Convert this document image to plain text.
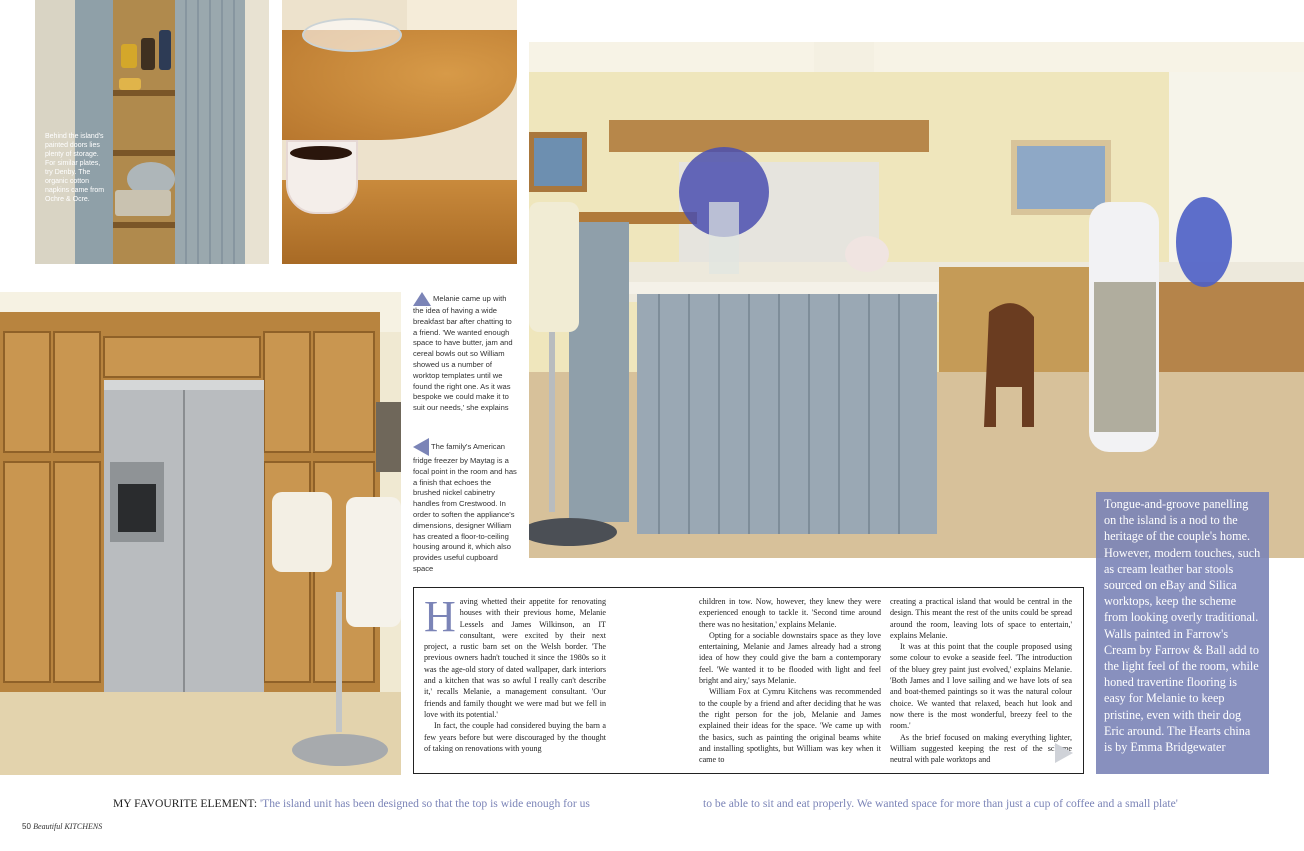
Behind the island's painted doors lies plenty of storage. For similar plates, try Denby. The organic cotton napkins came from Ochre & Ocre.
Melanie came up with the idea of having a wide breakfast bar after chatting to a friend. 'We wanted enough space to have butter, jam and cereal bowls out so William showed us a number of worktop templates until we found the right one. As it was bespoke we could make it to suit our needs,' she explains
The family's American fridge freezer by Maytag is a focal point in the room and has a finish that echoes the brushed nickel cabinetry handles from Crestwood. In order to soften the appliance's dimensions, designer William has created a floor-to-ceiling housing around it, which also provides useful cupboard space

Having whetted their appetite for renovating houses with their previous home, Melanie Lessels and James Wilkinson, an IT consultant, were excited by their next project, a rustic barn set on the Welsh border. 'The previous owners hadn't touched it since the 1980s so it was the age-old story of dated wallpaper, dark interiors and a kitchen that was so awful I really can't describe it,' recalls Melanie, a management consultant. 'Our friends and family thought we were mad but we fell in love with its potential.'

In fact, the couple had considered buying the barn a few years before but were discouraged by the thought of taking on renovations with young

children in tow. Now, however, they knew they were experienced enough to tackle it. 'Second time around there was no hesitation,' explains Melanie.

Opting for a sociable downstairs space as they love entertaining, Melanie and James already had a strong idea of how they could give the barn a contemporary feel. 'We wanted it to be flooded with light and feel bright and airy,' says Melanie.

William Fox at Cymru Kitchens was recommended to the couple by a friend and after deciding that he was the right person for the job, Melanie and James explained their ideas for the space. 'We came up with the basics, such as painting the original beams white and installing spotlights, but William was key when it came to

creating a practical island that would be central in the design. This meant the rest of the units could be spread around the room, leaving lots of space to entertain,' explains Melanie.

It was at this point that the couple proposed using some colour to evoke a seaside feel. 'The introduction of the bluey grey paint just evolved,' explains Melanie. 'Both James and I love sailing and we have lots of sea and boat-themed paintings so it was the natural colour choice. We wanted that relaxed, beach hut look and now there is the most wonderful, breezy feel to the room.'

As the brief focused on making everything lighter, William suggested keeping the rest of the scheme neutral with pale worktops and

Tongue-and-groove panelling on the island is a nod to the heritage of the couple's home. However, modern touches, such as cream leather bar stools sourced on eBay and Silica worktops, keep the scheme from looking overly traditional. Walls painted in Farrow's Cream by Farrow & Ball add to the light feel of the room, while honed travertine flooring is easy for Melanie to keep pristine, even with their dog Eric around. The Hearts china is by Emma Bridgewater
MY FAVOURITE ELEMENT: 'The island unit has been designed so that the top is wide enough for us	to be able to sit and eat properly. We wanted space for more than just a cup of coffee and a small plate'
50 Beautiful KITCHENS
